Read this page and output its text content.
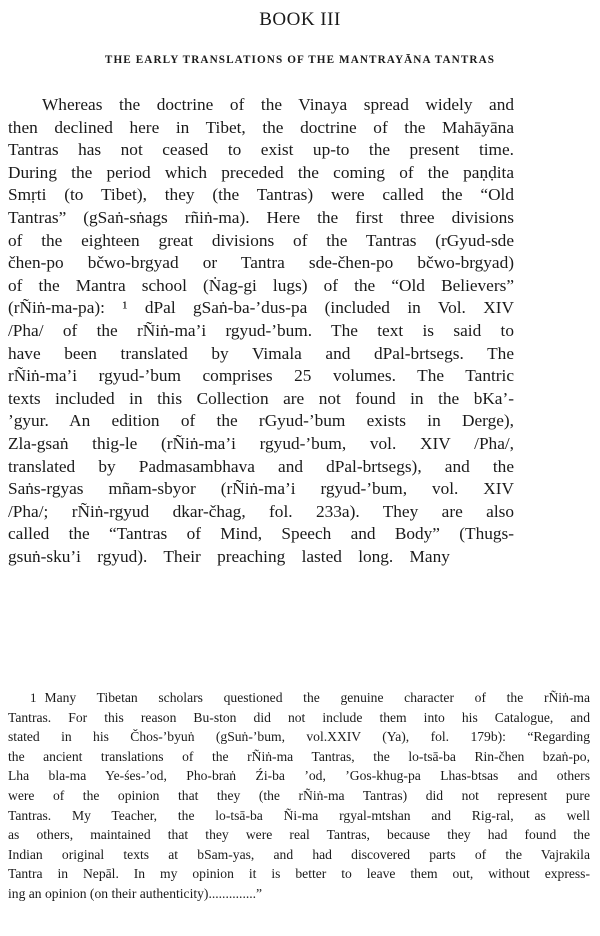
BOOK III
THE EARLY TRANSLATIONS OF THE MANTRAYĀNA TANTRAS
Whereas the doctrine of the Vinaya spread widely and
then declined here in Tibet, the doctrine of the Mahāyāna
Tantras has not ceased to exist up-to the present time.
During the period which preceded the coming of the paṇḍita
Smṛti (to Tibet), they (the Tantras) were called the “Old
Tantras” (gSaṅ-sṅags rñiṅ-ma). Here the first three divisions
of the eighteen great divisions of the Tantras (rGyud-sde
čhen-po bčwo-brgyad or Tantra sde-čhen-po bčwo-brgyad)
of the Mantra school (Ṅag-gi lugs) of the “Old Believers”
(rÑiṅ-ma-pa): ¹ dPal gSaṅ-ba-’dus-pa (included in Vol. XIV
/Pha/ of the rÑiṅ-ma’i rgyud-’bum. The text is said to
have been translated by Vimala and dPal-brtsegs. The
rÑiṅ-ma’i rgyud-’bum comprises 25 volumes. The Tantric
texts included in this Collection are not found in the bKa’-
’gyur. An edition of the rGyud-’bum exists in Derge),
Zla-gsaṅ thig-le (rÑiṅ-ma’i rgyud-’bum, vol. XIV /Pha/,
translated by Padmasambhava and dPal-brtsegs), and the
Saṅs-rgyas mñam-sbyor (rÑiṅ-ma’i rgyud-’bum, vol. XIV
/Pha/; rÑiṅ-rgyud dkar-čhag, fol. 233a). They are also
called the “Tantras of Mind, Speech and Body” (Thugs-
gsuṅ-sku’i rgyud). Their preaching lasted long. Many
1 Many Tibetan scholars questioned the genuine character of the rÑiṅ-ma
Tantras. For this reason Bu-ston did not include them into his Catalogue, and
stated in his Čhos-’byuṅ (gSuṅ-’bum, vol.XXIV (Ya), fol. 179b): “Regarding
the ancient translations of the rÑiṅ-ma Tantras, the lo-tsā-ba Rin-čhen bzaṅ-po,
Lha bla-ma Ye-śes-’od, Pho-braṅ Źi-ba ’od, ’Gos-khug-pa Lhas-btsas and others
were of the opinion that they (the rÑiṅ-ma Tantras) did not represent pure
Tantras. My Teacher, the lo-tsā-ba Ñi-ma rgyal-mtshan and Rig-ral, as well
as others, maintained that they were real Tantras, because they had found the
Indian original texts at bSam-yas, and had discovered parts of the Vajrakila
Tantra in Nepāl. In my opinion it is better to leave them out, without express-
ing an opinion (on their authenticity)..............”
